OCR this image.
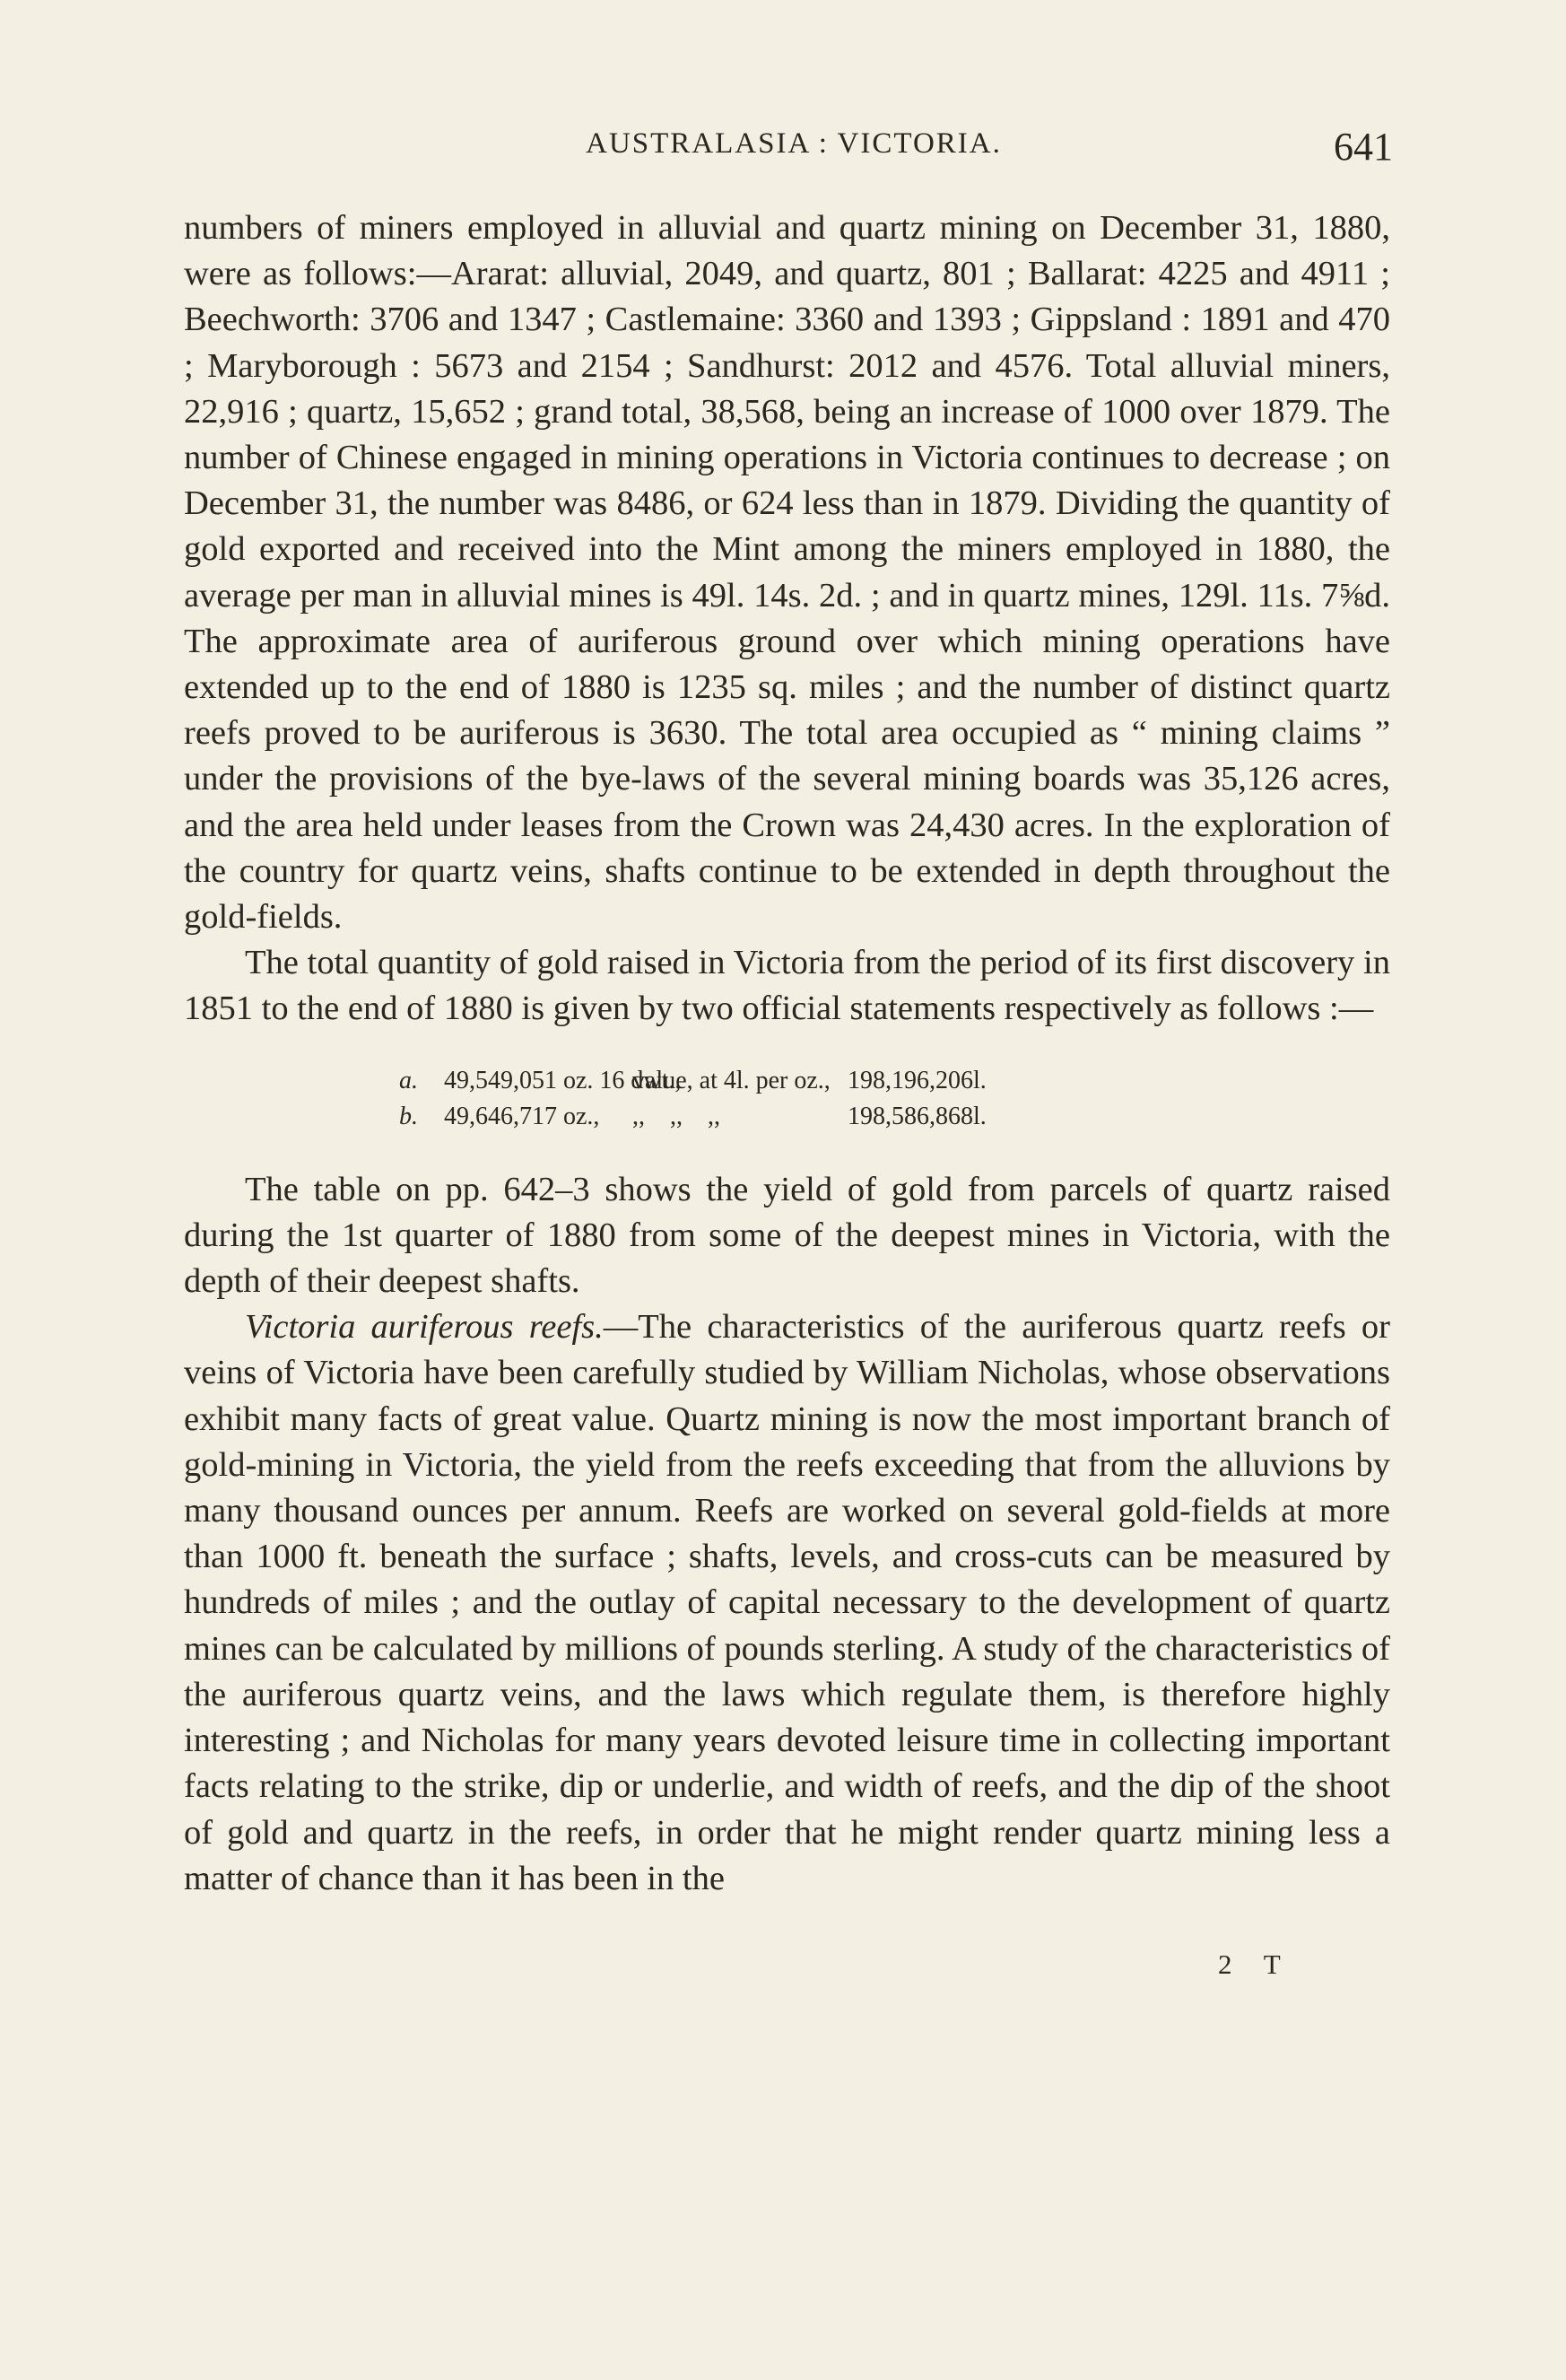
AUSTRALASIA : VICTORIA.	641

numbers of miners employed in alluvial and quartz mining on December 31, 1880, were as follows:—Ararat: alluvial, 2049, and quartz, 801 ; Ballarat: 4225 and 4911 ; Beechworth: 3706 and 1347 ; Castlemaine: 3360 and 1393 ; Gippsland : 1891 and 470 ; Maryborough : 5673 and 2154 ; Sandhurst: 2012 and 4576. Total alluvial miners, 22,916 ; quartz, 15,652 ; grand total, 38,568, being an increase of 1000 over 1879. The number of Chinese engaged in mining operations in Victoria continues to decrease ; on December 31, the number was 8486, or 624 less than in 1879. Dividing the quantity of gold exported and received into the Mint among the miners employed in 1880, the average per man in alluvial mines is 49l. 14s. 2d. ; and in quartz mines, 129l. 11s. 7⅝d. The approximate area of auriferous ground over which mining operations have extended up to the end of 1880 is 1235 sq. miles ; and the number of distinct quartz reefs proved to be auriferous is 3630. The total area occupied as “ mining claims ” under the provisions of the bye-laws of the several mining boards was 35,126 acres, and the area held under leases from the Crown was 24,430 acres. In the exploration of the country for quartz veins, shafts continue to be extended in depth throughout the gold-fields.

The total quantity of gold raised in Victoria from the period of its first discovery in 1851 to the end of 1880 is given by two official statements respectively as follows :—

a. 49,549,051 oz. 16 dwt.,
value, at 4l. per oz., 198,196,206l.
b. 49,646,717 oz., ,,    ,,    ,,	198,586,868l.

The table on pp. 642–3 shows the yield of gold from parcels of quartz raised during the 1st quarter of 1880 from some of the deepest mines in Victoria, with the depth of their deepest shafts.

Victoria auriferous reefs.—The characteristics of the auriferous quartz reefs or veins of Victoria have been carefully studied by William Nicholas, whose observations exhibit many facts of great value. Quartz mining is now the most important branch of gold-mining in Victoria, the yield from the reefs exceeding that from the alluvions by many thousand ounces per annum. Reefs are worked on several gold-fields at more than 1000 ft. beneath the surface ; shafts, levels, and cross-cuts can be measured by hundreds of miles ; and the outlay of capital necessary to the development of quartz mines can be calculated by millions of pounds sterling. A study of the characteristics of the auriferous quartz veins, and the laws which regulate them, is therefore highly interesting ; and Nicholas for many years devoted leisure time in collecting important facts relating to the strike, dip or underlie, and width of reefs, and the dip of the shoot of gold and quartz in the reefs, in order that he might render quartz mining less a matter of chance than it has been in the

2 T
